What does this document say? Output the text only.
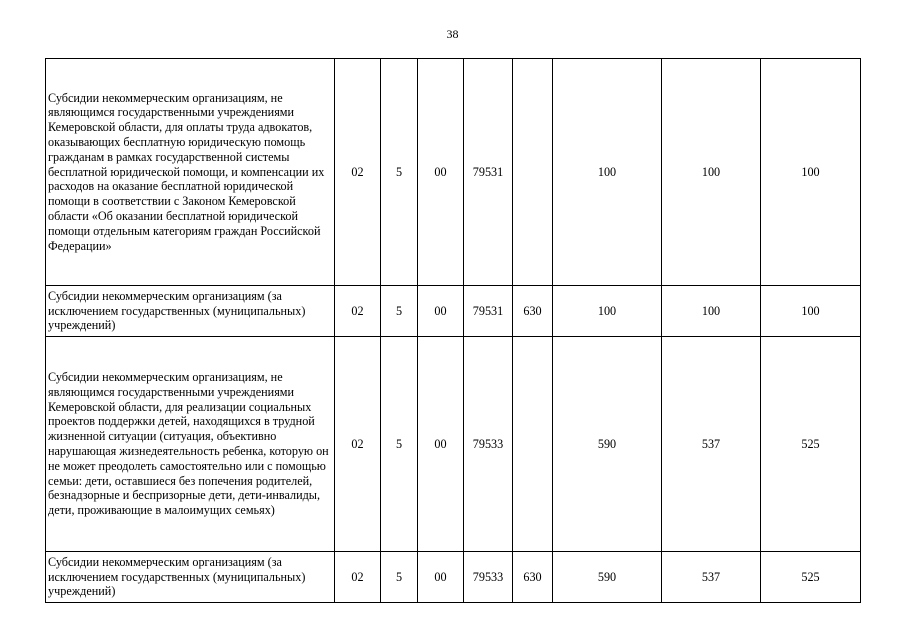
38
Субсидии некоммерческим организациям, не являющимся государственными учреждениями Кемеровской области, для оплаты труда адвокатов, оказывающих бесплатную юридическую помощь гражданам в рамках государственной системы бесплатной юридической помощи, и компенсации их расходов на оказание бесплатной юридической помощи в соответствии с Законом Кемеровской области «Об оказании бесплатной юридической помощи отдельным категориям граждан Российской Федерации»	02	5	00	79531		100	100	100
Субсидии некоммерческим организациям (за исключением государственных (муниципальных) учреждений)	02	5	00	79531	630	100	100	100
Субсидии некоммерческим организациям, не являющимся государственными учреждениями Кемеровской области, для реализации социальных проектов поддержки детей, находящихся в трудной жизненной ситуации (ситуация, объективно нарушающая жизнедеятельность ребенка, которую он не может преодолеть самостоятельно или с помощью семьи: дети, оставшиеся без попечения родителей, безнадзорные и беспризорные дети, дети-инвалиды, дети, проживающие в малоимущих семьях)	02	5	00	79533		590	537	525
Субсидии некоммерческим организациям (за исключением государственных (муниципальных) учреждений)	02	5	00	79533	630	590	537	525
